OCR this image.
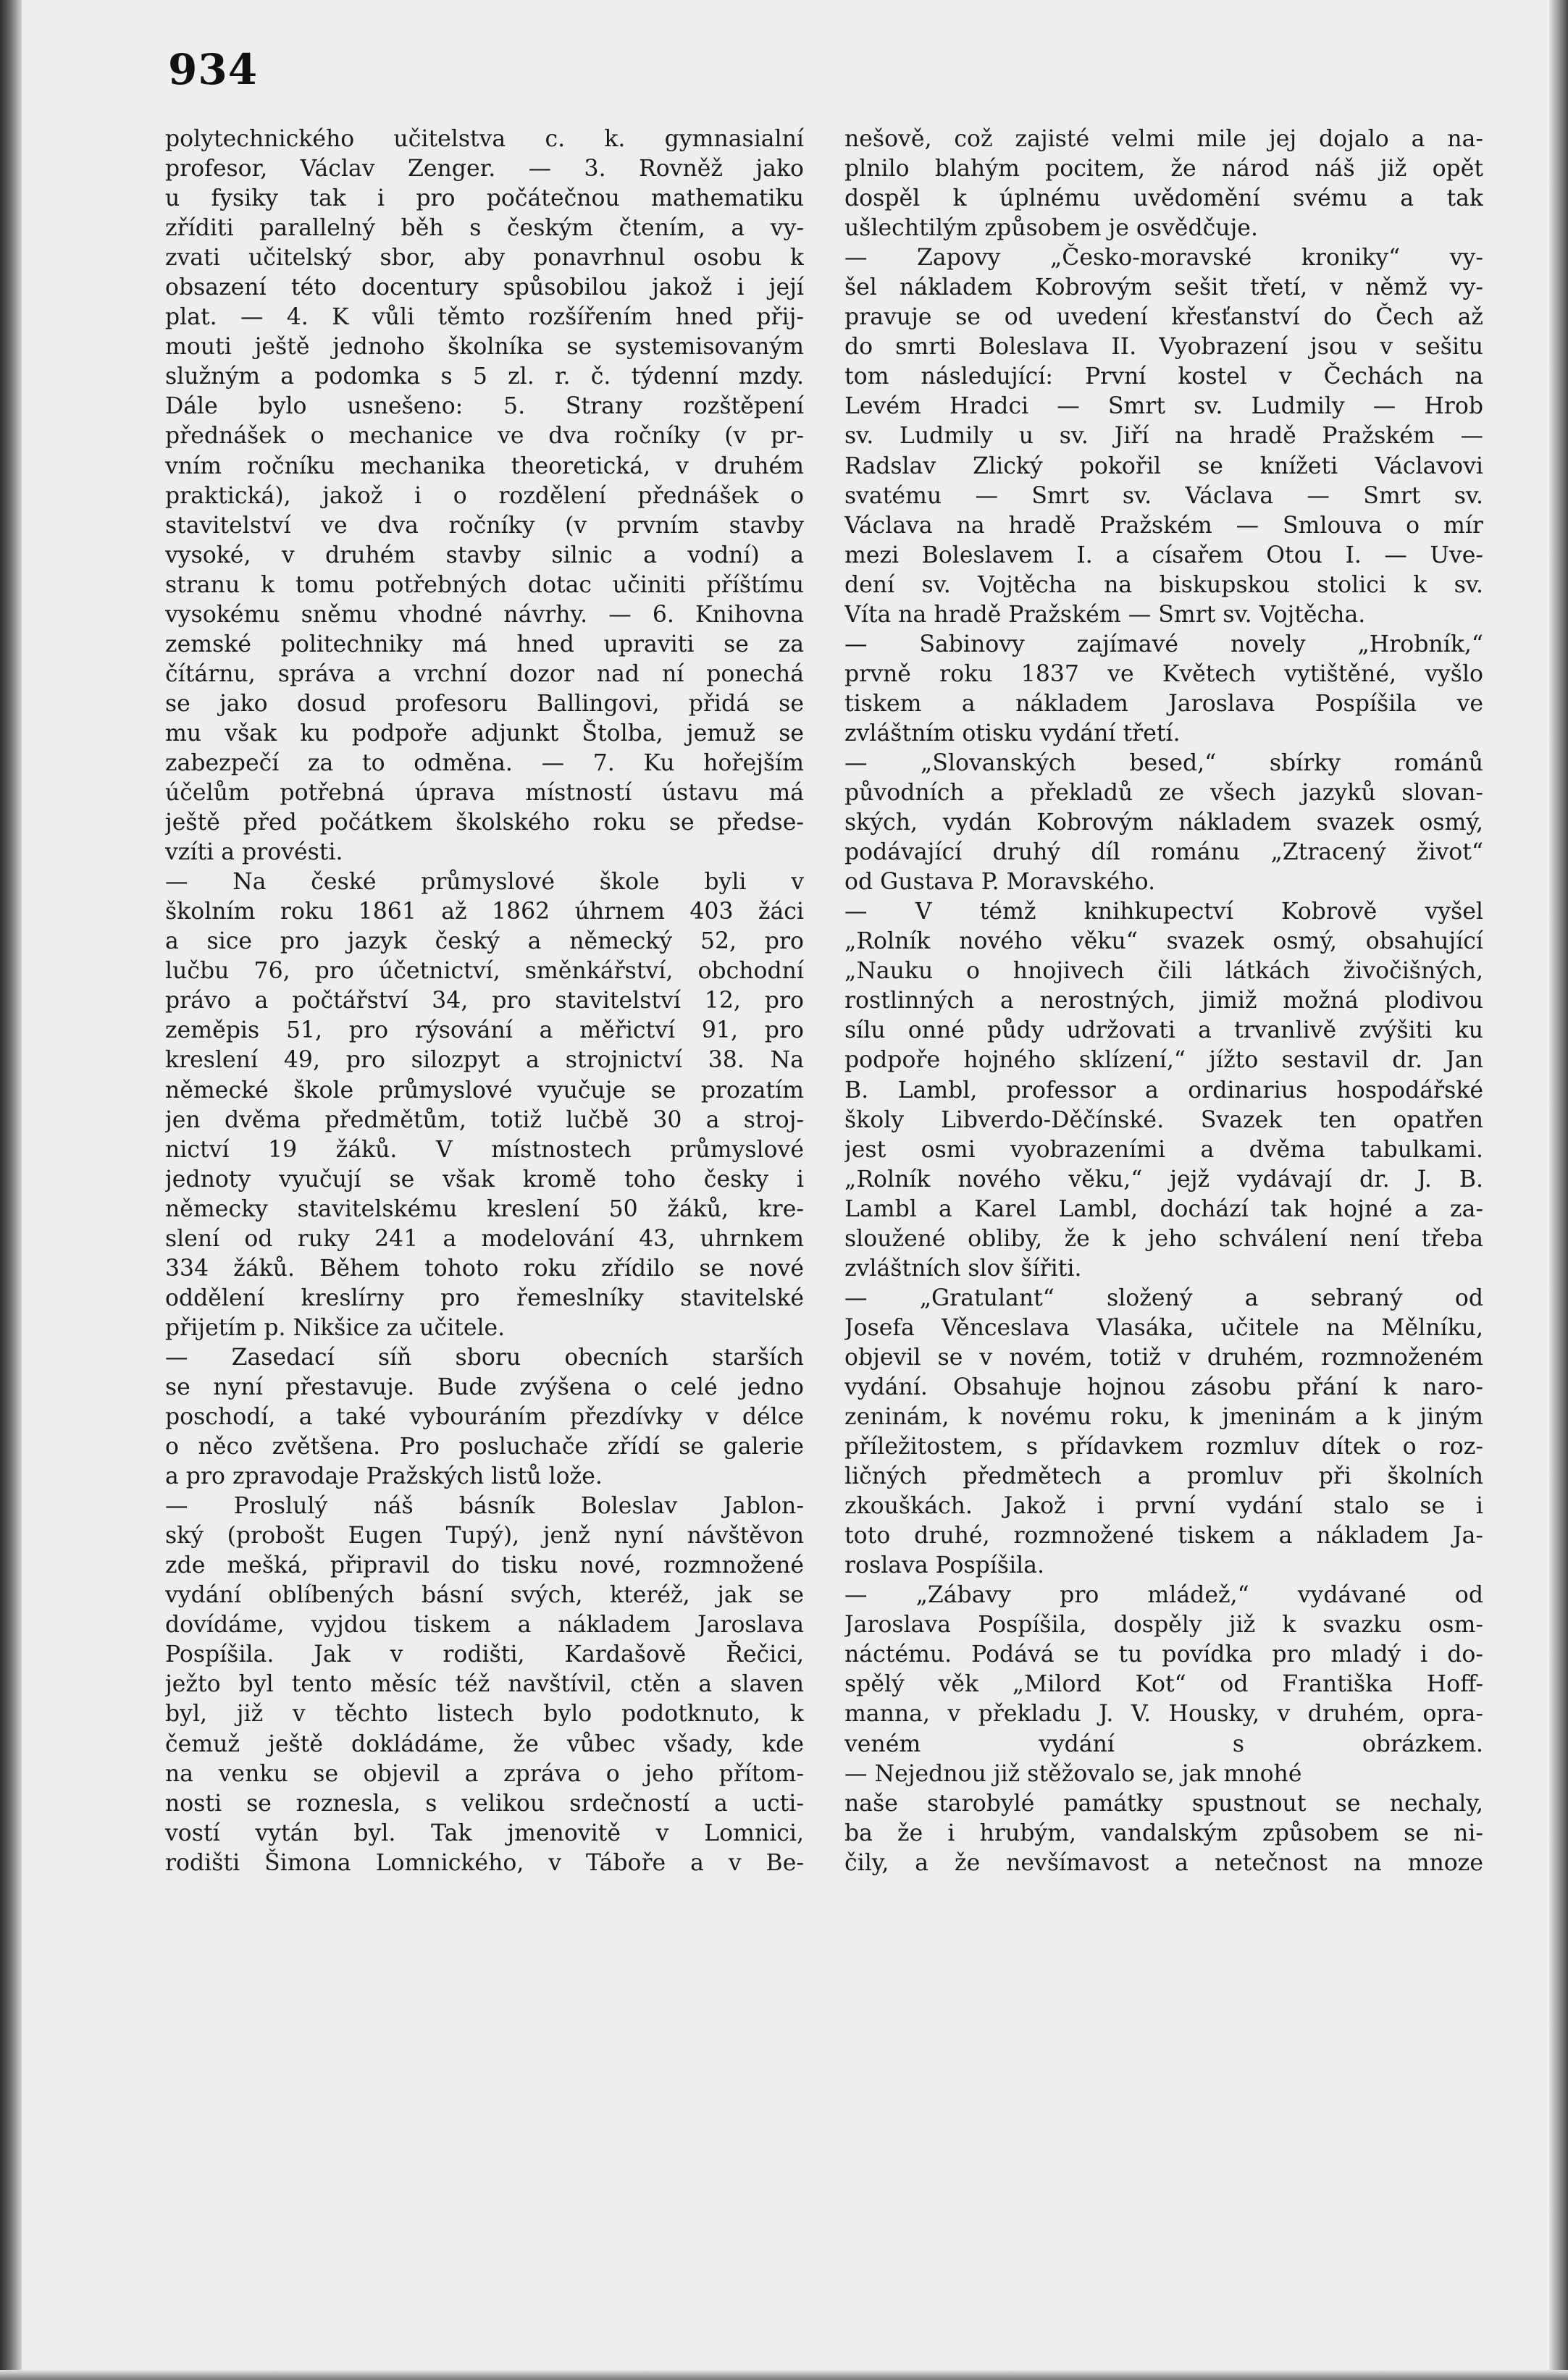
934
polytechnického učitelstva c. k. gymnasialní
profesor, Václav Zenger. — 3. Rovněž jako
u fysiky tak i pro počátečnou mathematiku
zříditi parallelný běh s českým čtením, a vy-
zvati učitelský sbor, aby ponavrhnul osobu k
obsazení této docentury spůsobilou jakož i její
plat. — 4. K vůli těmto rozšířením hned přij-
mouti ještě jednoho školníka se systemisovaným
služným a podomka s 5 zl. r. č. týdenní mzdy.
Dále bylo usnešeno: 5. Strany rozštěpení
přednášek o mechanice ve dva ročníky (v pr-
vním ročníku mechanika theoretická, v druhém
praktická), jakož i o rozdělení přednášek o
stavitelství ve dva ročníky (v prvním stavby
vysoké, v druhém stavby silnic a vodní) a
stranu k tomu potřebných dotac učiniti příštímu
vysokému sněmu vhodné návrhy. — 6. Knihovna
zemské politechniky má hned upraviti se za
čítárnu, správa a vrchní dozor nad ní ponechá
se jako dosud profesoru Ballingovi, přidá se
mu však ku podpoře adjunkt Štolba, jemuž se
zabezpečí za to odměna. — 7. Ku hořejším
účelům potřebná úprava místností ústavu má
ještě před počátkem školského roku se předse-
vzíti a provésti.
— Na české průmyslové škole byli v
školním roku 1861 až 1862 úhrnem 403 žáci
a sice pro jazyk český a německý 52, pro
lučbu 76, pro účetnictví, směnkářství, obchodní
právo a počtářství 34, pro stavitelství 12, pro
zeměpis 51, pro rýsování a měřictví 91, pro
kreslení 49, pro silozpyt a strojnictví 38. Na
německé škole průmyslové vyučuje se prozatím
jen dvěma předmětům, totiž lučbě 30 a stroj-
nictví 19 žáků. V místnostech průmyslové
jednoty vyučují se však kromě toho česky i
německy stavitelskému kreslení 50 žáků, kre-
slení od ruky 241 a modelování 43, uhrnkem
334 žáků. Během tohoto roku zřídilo se nové
oddělení kreslírny pro řemeslníky stavitelské
přijetím p. Nikšice za učitele.
— Zasedací síň sboru obecních starších
se nyní přestavuje. Bude zvýšena o celé jedno
poschodí, a také vybouráním přezdívky v délce
o něco zvětšena. Pro posluchače zřídí se galerie
a pro zpravodaje Pražských listů lože.
— Proslulý náš básník Boleslav Jablon-
ský (probošt Eugen Tupý), jenž nyní návštěvon
zde mešká, připravil do tisku nové, rozmnožené
vydání oblíbených básní svých, kteréž, jak se
dovídáme, vyjdou tiskem a nákladem Jaroslava
Pospíšila. Jak v rodišti, Kardašově Řečici,
ježto byl tento měsíc též navštívil, ctěn a slaven
byl, již v těchto listech bylo podotknuto, k
čemuž ještě dokládáme, že vůbec všady, kde
na venku se objevil a zpráva o jeho přítom-
nosti se roznesla, s velikou srdečností a ucti-
vostí vytán byl. Tak jmenovitě v Lomnici,
rodišti Šimona Lomnického, v Táboře a v Be-
nešově, což zajisté velmi mile jej dojalo a na-
plnilo blahým pocitem, že národ náš již opět
dospěl k úplnému uvědomění svému a tak
ušlechtilým způsobem je osvědčuje.
— Zapovy „Česko-moravské kroniky“ vy-
šel nákladem Kobrovým sešit třetí, v němž vy-
pravuje se od uvedení křesťanství do Čech až
do smrti Boleslava II. Vyobrazení jsou v sešitu
tom následující: První kostel v Čechách na
Levém Hradci — Smrt sv. Ludmily — Hrob
sv. Ludmily u sv. Jiří na hradě Pražském —
Radslav Zlický pokořil se knížeti Václavovi
svatému — Smrt sv. Václava — Smrt sv.
Václava na hradě Pražském — Smlouva o mír
mezi Boleslavem I. a císařem Otou I. — Uve-
dení sv. Vojtěcha na biskupskou stolici k sv.
Víta na hradě Pražském — Smrt sv. Vojtěcha.
— Sabinovy zajímavé novely „Hrobník,“
prvně roku 1837 ve Květech vytištěné, vyšlo
tiskem a nákladem Jaroslava Pospíšila ve
zvláštním otisku vydání třetí.
— „Slovanských besed,“ sbírky románů
původních a překladů ze všech jazyků slovan-
ských, vydán Kobrovým nákladem svazek osmý,
podávající druhý díl románu „Ztracený život“
od Gustava P. Moravského.
— V témž knihkupectví Kobrově vyšel
„Rolník nového věku“ svazek osmý, obsahující
„Nauku o hnojivech čili látkách živočišných,
rostlinných a nerostných, jimiž možná plodivou
sílu onné půdy udržovati a trvanlivě zvýšiti ku
podpoře hojného sklízení,“ jížto sestavil dr. Jan
B. Lambl, professor a ordinarius hospodářské
školy Libverdo-Děčínské. Svazek ten opatřen
jest osmi vyobrazeními a dvěma tabulkami.
„Rolník nového věku,“ jejž vydávají dr. J. B.
Lambl a Karel Lambl, dochází tak hojné a za-
sloužené obliby, že k jeho schválení není třeba
zvláštních slov šířiti.
— „Gratulant“ složený a sebraný od
Josefa Věnceslava Vlasáka, učitele na Mělníku,
objevil se v novém, totiž v druhém, rozmnoženém
vydání. Obsahuje hojnou zásobu přání k naro-
zeninám, k novému roku, k jmeninám a k jiným
příležitostem, s přídavkem rozmluv dítek o roz-
ličných předmětech a promluv při školních
zkouškách. Jakož i první vydání stalo se i
toto druhé, rozmnožené tiskem a nákladem Ja-
roslava Pospíšila.
— „Zábavy pro mládež,“ vydávané od
Jaroslava Pospíšila, dospěly již k svazku osm-
náctému. Podává se tu povídka pro mladý i do-
spělý věk „Milord Kot“ od Františka Hoff-
manna, v překladu J. V. Housky, v druhém, opra-
veném vydání s obrázkem.
— Nejednou již stěžovalo se, jak mnohé
naše starobylé památky spustnout se nechaly,
ba že i hrubým, vandalským způsobem se ni-
čily, a že nevšímavost a netečnost na mnoze
